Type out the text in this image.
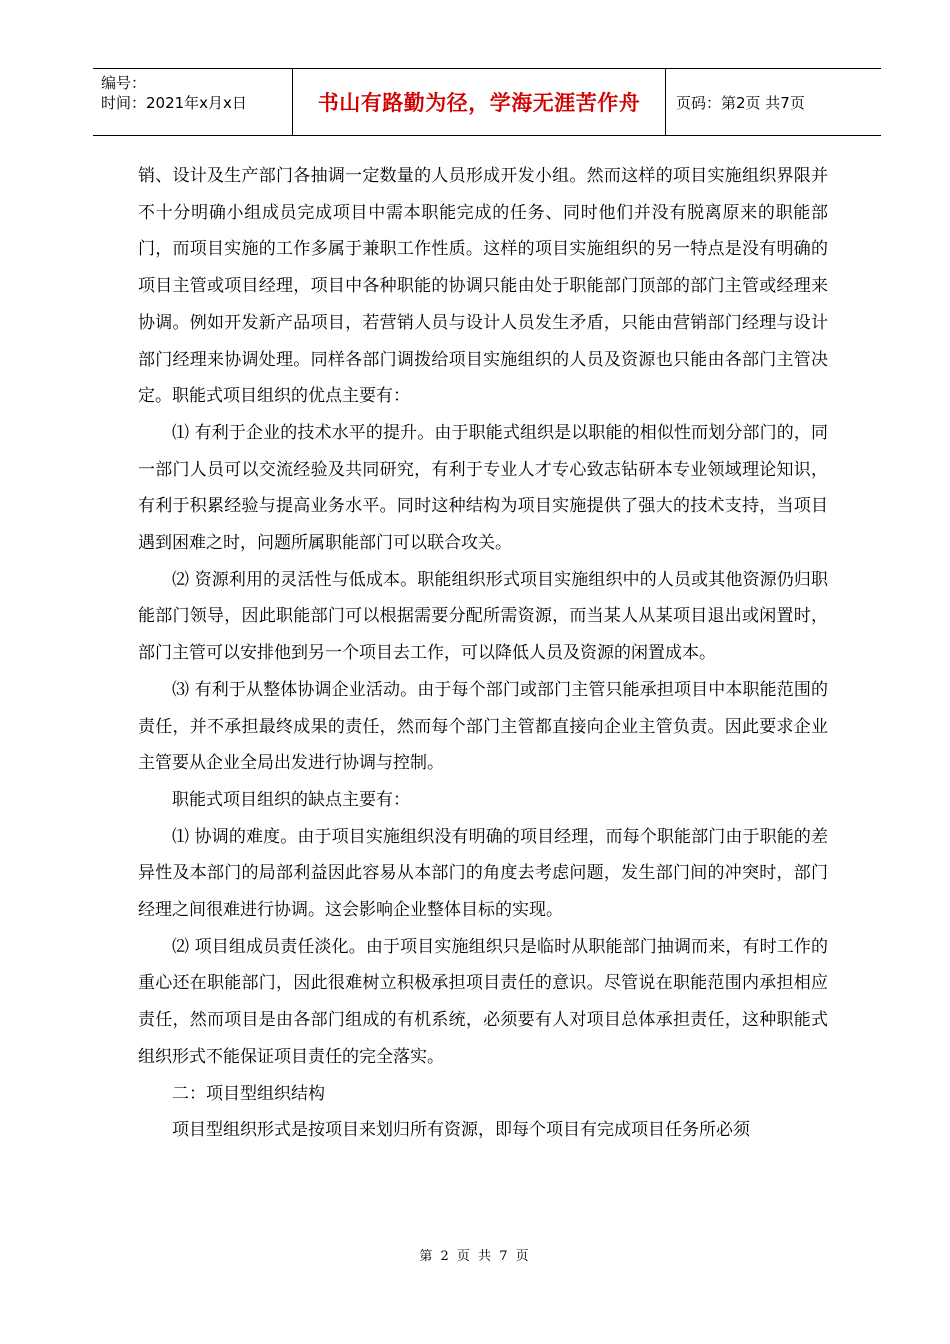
编号：
时间：2021年x月x日	书山有路勤为径，学海无涯苦作舟	页码：第2页 共7页

销、设计及生产部门各抽调一定数量的人员形成开发小组。然而这样的项目实施组织界限并不十分明确小组成员完成项目中需本职能完成的任务、同时他们并没有脱离原来的职能部门，而项目实施的工作多属于兼职工作性质。这样的项目实施组织的另一特点是没有明确的项目主管或项目经理，项目中各种职能的协调只能由处于职能部门顶部的部门主管或经理来协调。例如开发新产品项目，若营销人员与设计人员发生矛盾，只能由营销部门经理与设计部门经理来协调处理。同样各部门调拨给项目实施组织的人员及资源也只能由各部门主管决定。职能式项目组织的优点主要有：

⑴ 有利于企业的技术水平的提升。由于职能式组织是以职能的相似性而划分部门的，同一部门人员可以交流经验及共同研究，有利于专业人才专心致志钻研本专业领域理论知识，有利于积累经验与提高业务水平。同时这种结构为项目实施提供了强大的技术支持，当项目遇到困难之时，问题所属职能部门可以联合攻关。

⑵ 资源利用的灵活性与低成本。职能组织形式项目实施组织中的人员或其他资源仍归职能部门领导，因此职能部门可以根据需要分配所需资源，而当某人从某项目退出或闲置时，部门主管可以安排他到另一个项目去工作，可以降低人员及资源的闲置成本。

⑶ 有利于从整体协调企业活动。由于每个部门或部门主管只能承担项目中本职能范围的责任，并不承担最终成果的责任，然而每个部门主管都直接向企业主管负责。因此要求企业主管要从企业全局出发进行协调与控制。

职能式项目组织的缺点主要有：

⑴ 协调的难度。由于项目实施组织没有明确的项目经理，而每个职能部门由于职能的差异性及本部门的局部利益因此容易从本部门的角度去考虑问题，发生部门间的冲突时，部门经理之间很难进行协调。这会影响企业整体目标的实现。

⑵ 项目组成员责任淡化。由于项目实施组织只是临时从职能部门抽调而来，有时工作的重心还在职能部门，因此很难树立积极承担项目责任的意识。尽管说在职能范围内承担相应责任，然而项目是由各部门组成的有机系统，必须要有人对项目总体承担责任，这种职能式组织形式不能保证项目责任的完全落实。

二：项目型组织结构

项目型组织形式是按项目来划归所有资源，即每个项目有完成项目任务所必须

第 2 页 共 7 页
